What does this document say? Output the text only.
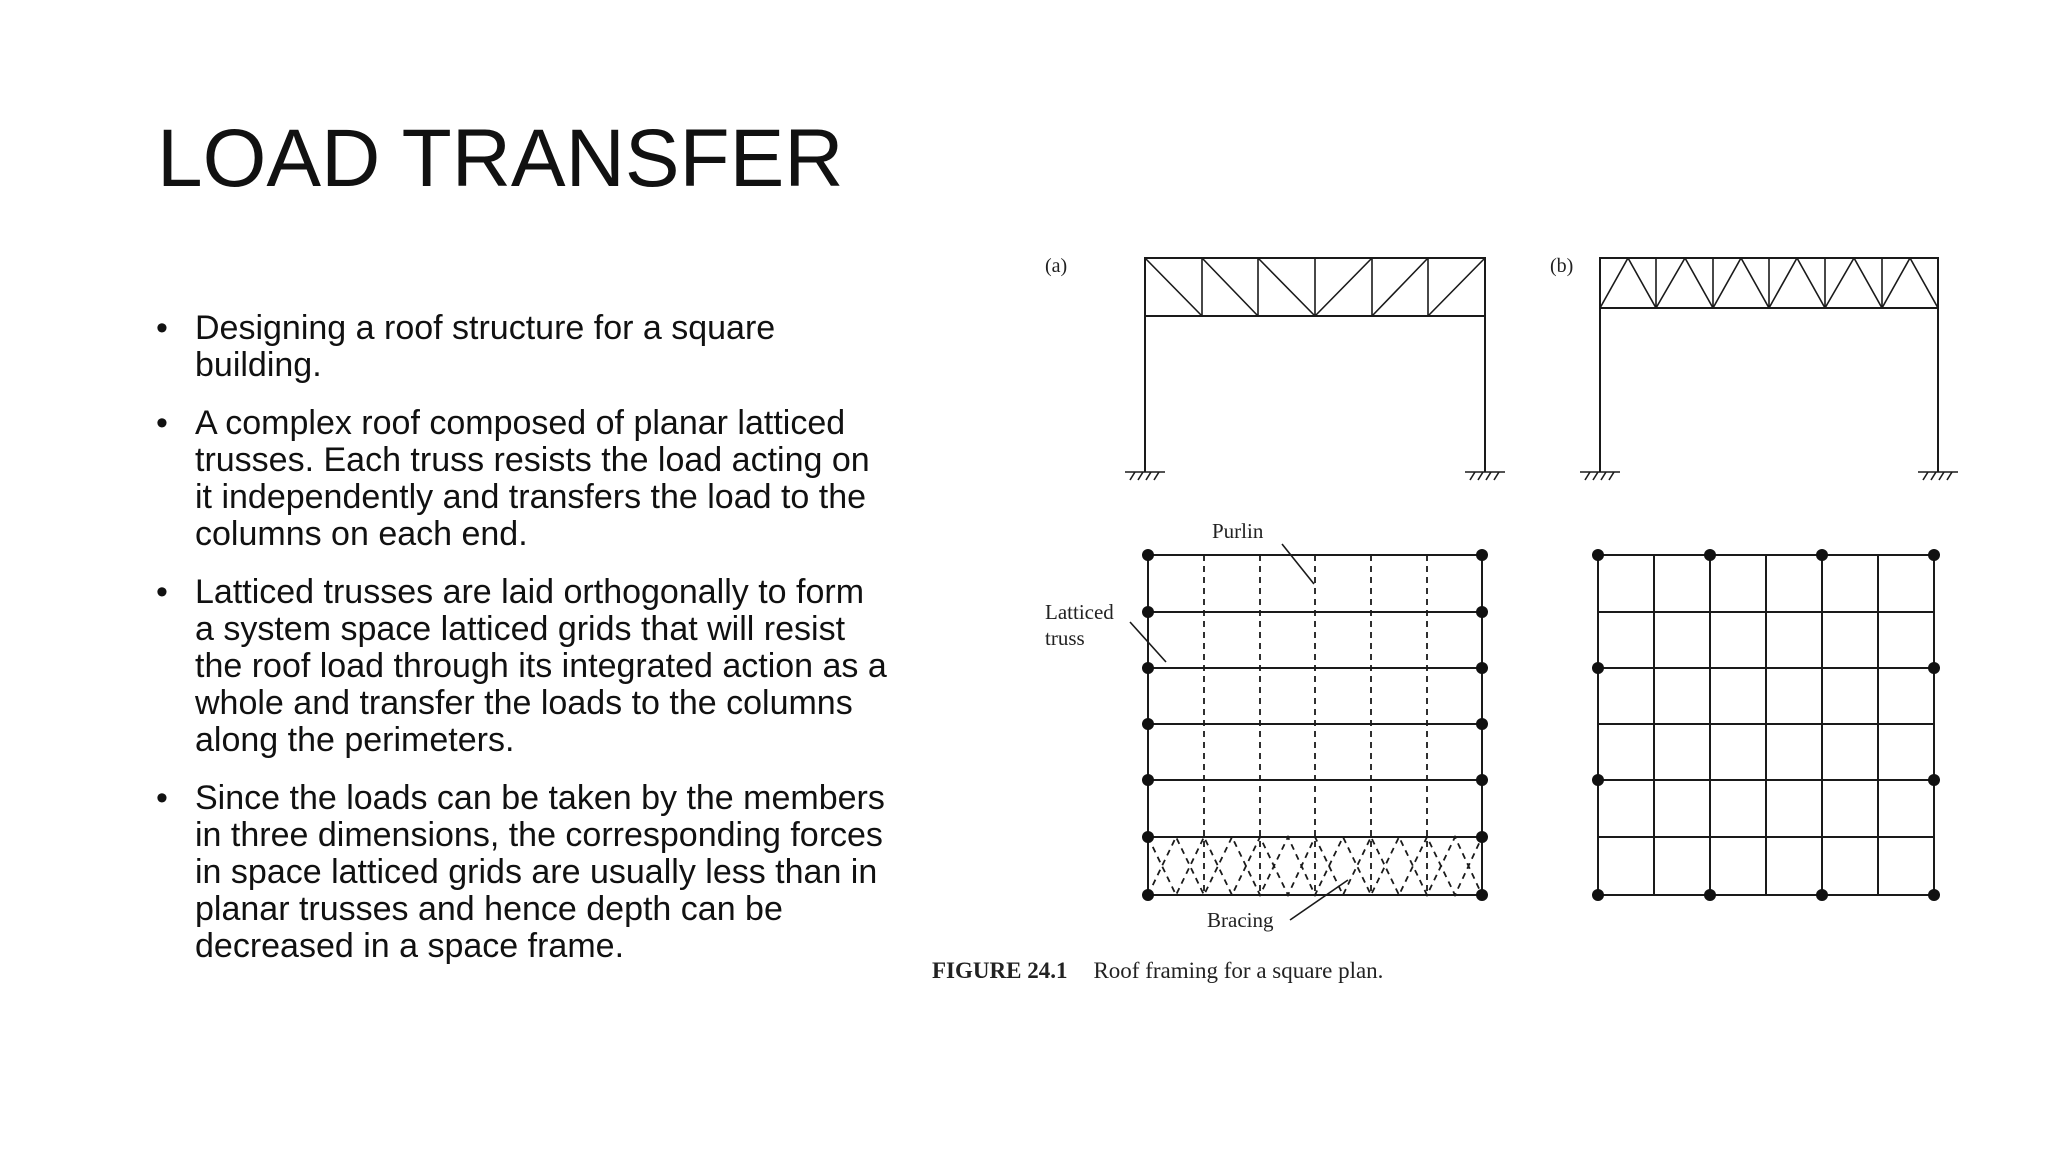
LOAD TRANSFER
• Designing a roof structure for a square building.
• A complex roof composed of planar latticed trusses. Each truss resists the load acting on it independently and transfers the load to the columns on each end.
• Latticed trusses are laid orthogonally to form a system space latticed grids that will resist the roof load through its integrated action as a whole and transfer the loads to the columns along the perimeters.
• Since the loads can be taken by the members in three dimensions, the corresponding forces in space latticed grids are usually less than in planar trusses and hence depth can be decreased in a space frame.
(a)	(b)
Purlin
Latticed
truss
Bracing

FIGURE 24.1 Roof framing for a square plan.
